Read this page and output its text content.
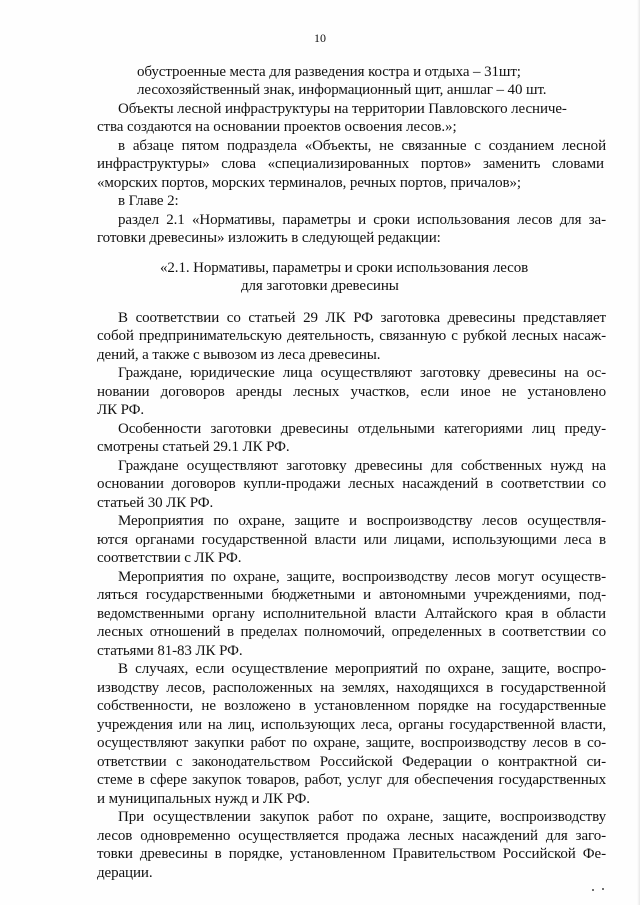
10
обустроенные места для разведения костра и отдыха – 31шт;
лесохозяйственный знак, информационный щит, аншлаг – 40 шт.
Объекты лесной инфраструктуры на территории Павловского лесниче-
ства создаются на основании проектов освоения лесов.»;
в абзаце пятом подраздела «Объекты, не связанные с созданием лесной
инфраструктуры» слова «специализированных портов» заменить словами
«морских портов, морских терминалов, речных портов, причалов»;
в Главе 2:
раздел 2.1 «Нормативы, параметры и сроки использования лесов для за-
готовки древесины» изложить в следующей редакции:
«2.1. Нормативы, параметры и сроки использования лесов
для заготовки древесины
В соответствии со статьей 29 ЛК РФ заготовка древесины представляет
собой предпринимательскую деятельность, связанную с рубкой лесных насаж-
дений, а также с вывозом из леса древесины.
Граждане, юридические лица осуществляют заготовку древесины на ос-
новании договоров аренды лесных участков, если иное не установлено
ЛК РФ.
Особенности заготовки древесины отдельными категориями лиц преду-
смотрены статьей 29.1 ЛК РФ.
Граждане осуществляют заготовку древесины для собственных нужд на
основании договоров купли-продажи лесных насаждений в соответствии со
статьей 30 ЛК РФ.
Мероприятия по охране, защите и воспроизводству лесов осуществля-
ются органами государственной власти или лицами, использующими леса в
соответствии с ЛК РФ.
Мероприятия по охране, защите, воспроизводству лесов могут осуществ-
ляться государственными бюджетными и автономными учреждениями, под-
ведомственными органу исполнительной власти Алтайского края в области
лесных отношений в пределах полномочий, определенных в соответствии со
статьями 81-83 ЛК РФ.
В случаях, если осуществление мероприятий по охране, защите, воспро-
изводству лесов, расположенных на землях, находящихся в государственной
собственности, не возложено в установленном порядке на государственные
учреждения или на лиц, использующих леса, органы государственной власти,
осуществляют закупки работ по охране, защите, воспроизводству лесов в со-
ответствии с законодательством Российской Федерации о контрактной си-
стеме в сфере закупок товаров, работ, услуг для обеспечения государственных
и муниципальных нужд и ЛК РФ.
При осуществлении закупок работ по охране, защите, воспроизводству
лесов одновременно осуществляется продажа лесных насаждений для заго-
товки древесины в порядке, установленном Правительством Российской Фе-
дерации.
